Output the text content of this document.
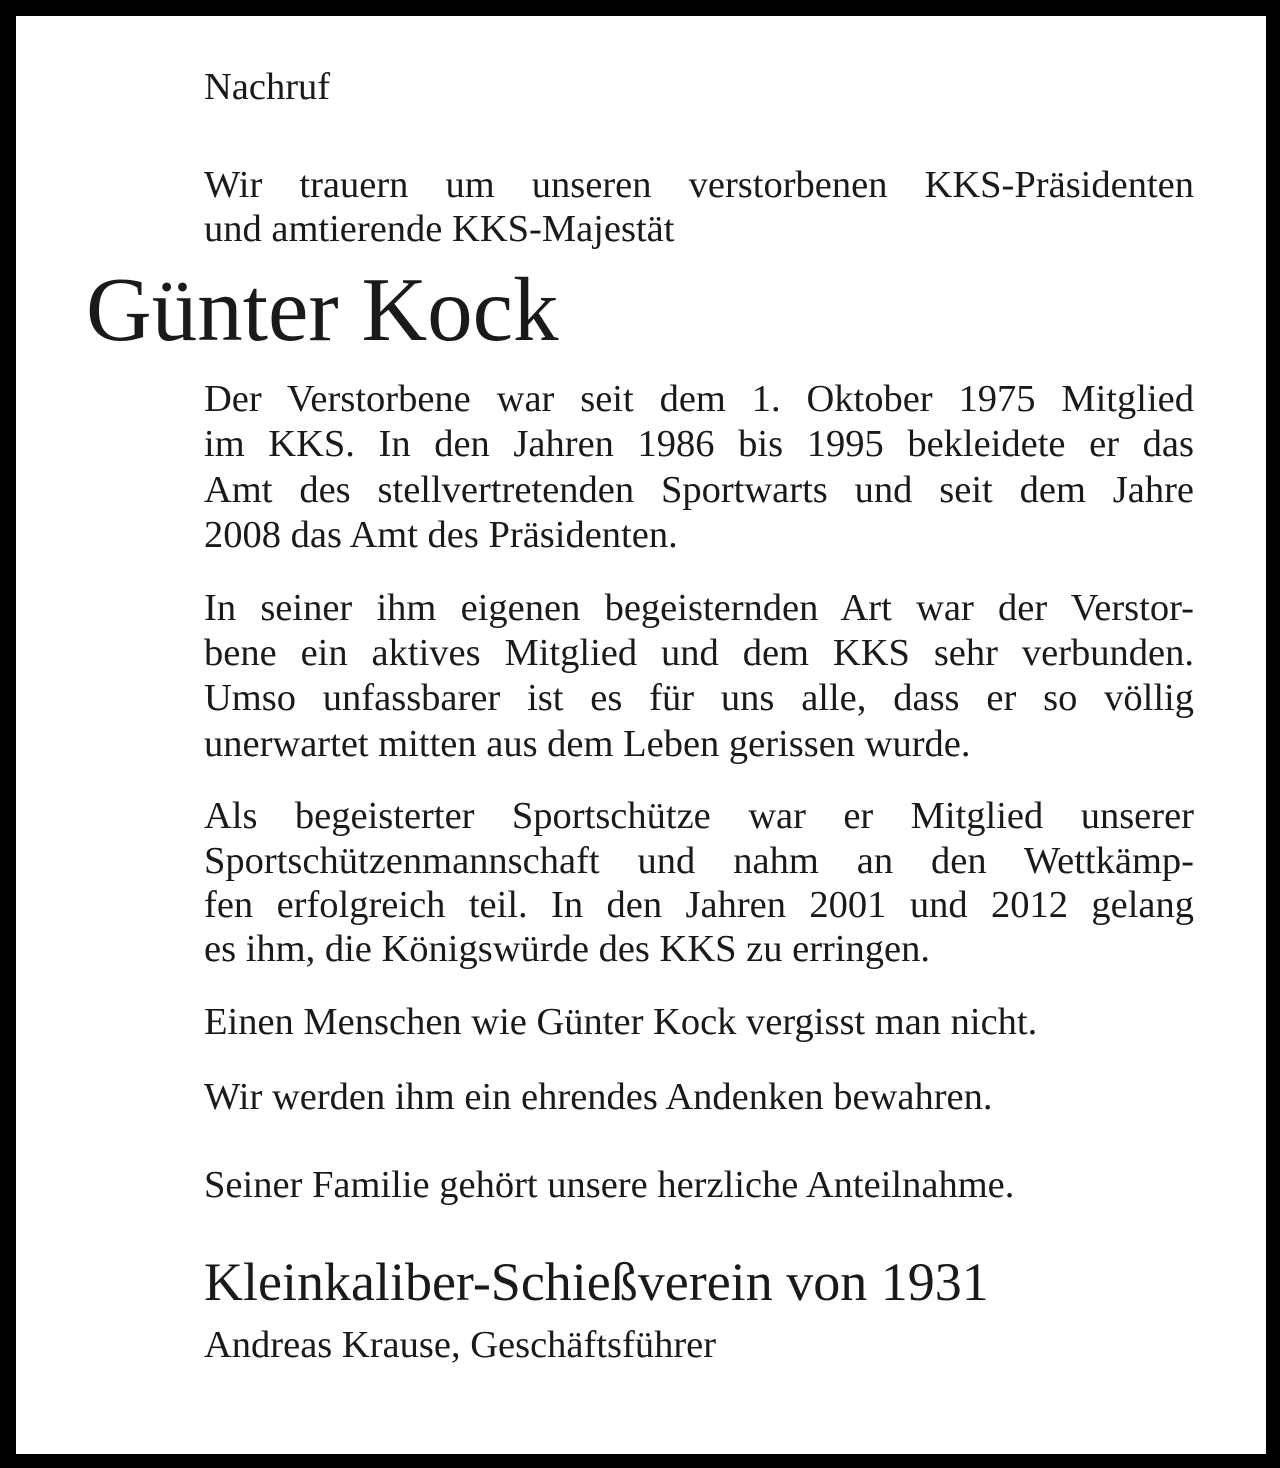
Nachruf
Wir trauern um unseren verstorbenen KKS-Präsidenten
und amtierende KKS-Majestät
Günter Kock
Der Verstorbene war seit dem 1. Oktober 1975 Mitglied
im KKS. In den Jahren 1986 bis 1995 bekleidete er das
Amt des stellvertretenden Sportwarts und seit dem Jahre
2008 das Amt des Präsidenten.
In seiner ihm eigenen begeisternden Art war der Verstor-
bene ein aktives Mitglied und dem KKS sehr verbunden.
Umso unfassbarer ist es für uns alle, dass er so völlig
unerwartet mitten aus dem Leben gerissen wurde.
Als begeisterter Sportschütze war er Mitglied unserer
Sportschützenmannschaft und nahm an den Wettkämp-
fen erfolgreich teil. In den Jahren 2001 und 2012 gelang
es ihm, die Königswürde des KKS zu erringen.
Einen Menschen wie Günter Kock vergisst man nicht.
Wir werden ihm ein ehrendes Andenken bewahren.
Seiner Familie gehört unsere herzliche Anteilnahme.
Kleinkaliber-Schießverein von 1931
Andreas Krause, Geschäftsführer
